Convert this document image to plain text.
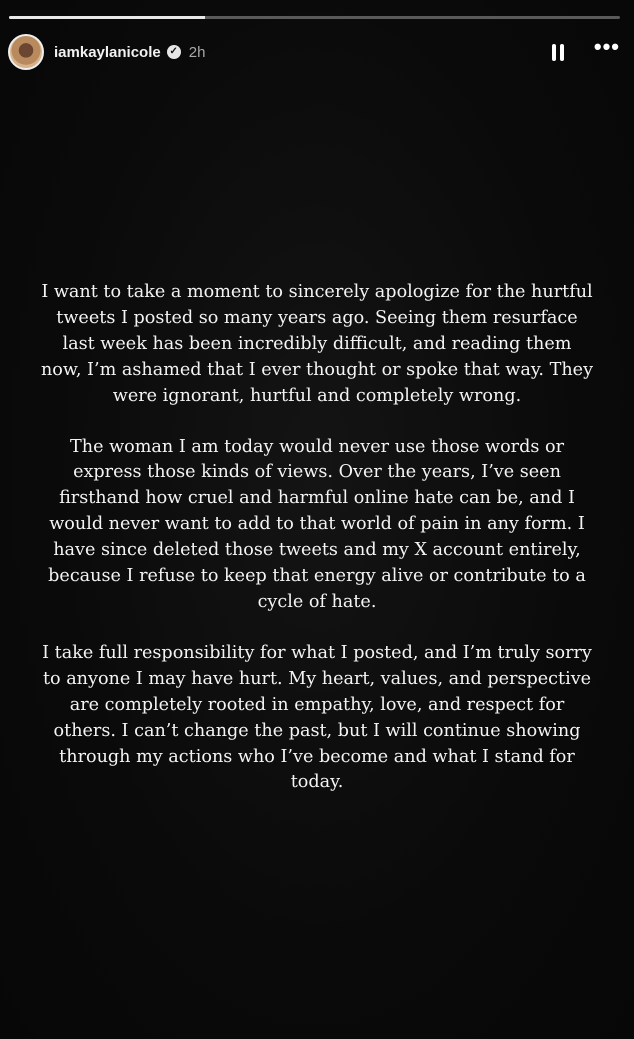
iamkaylanicole ✓ 2h	•••

I want to take a moment to sincerely apologize for the hurtful tweets I posted so many years ago. Seeing them resurface last week has been incredibly difficult, and reading them now, I’m ashamed that I ever thought or spoke that way. They were ignorant, hurtful and completely wrong.

The woman I am today would never use those words or express those kinds of views. Over the years, I’ve seen firsthand how cruel and harmful online hate can be, and I would never want to add to that world of pain in any form. I have since deleted those tweets and my X account entirely, because I refuse to keep that energy alive or contribute to a cycle of hate.

I take full responsibility for what I posted, and I’m truly sorry to anyone I may have hurt. My heart, values, and perspective are completely rooted in empathy, love, and respect for others. I can’t change the past, but I will continue showing through my actions who I’ve become and what I stand for today.
